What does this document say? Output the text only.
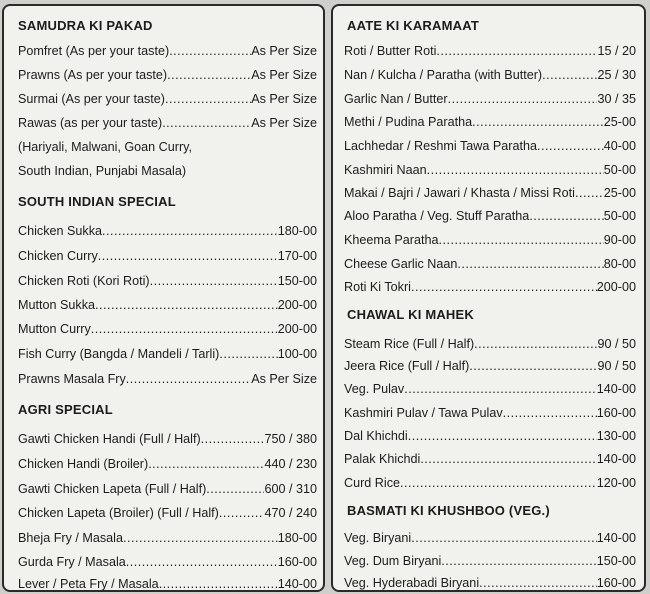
SAMUDRA KI PAKAD
Pomfret (As per your taste) .....	As Per Size
Prawns (As per your taste) .....	As Per Size
Surmai (As per your taste) .....	As Per Size
Rawas (as per your taste) .....	As Per Size
(Hariyali, Malwani, Goan Curry,
South Indian, Punjabi Masala)
SOUTH INDIAN SPECIAL
Chicken Sukka .....	180-00
Chicken Curry .....	170-00
Chicken Roti (Kori Roti) .....	150-00
Mutton Sukka .....	200-00
Mutton Curry .....	200-00
Fish Curry (Bangda / Mandeli / Tarli) .....	100-00
Prawns Masala Fry .....	As Per Size
AGRI SPECIAL
Gawti Chicken Handi (Full / Half) .....	750 / 380
Chicken Handi (Broiler) .....	440 / 230
Gawti Chicken Lapeta (Full / Half) .....	600 / 310
Chicken Lapeta (Broiler) (Full / Half) .....	470 / 240
Bheja Fry / Masala .....	180-00
Gurda Fry / Masala .....	160-00
Lever / Peta Fry / Masala .....	140-00
AATE KI KARAMAAT
Roti / Butter Roti .....	15 / 20
Nan / Kulcha / Paratha (with Butter) .....	25 / 30
Garlic Nan / Butter .....	30 / 35
Methi / Pudina Paratha .....	25-00
Lachhedar / Reshmi Tawa Paratha .....	40-00
Kashmiri Naan .....	50-00
Makai / Bajri / Jawari / Khasta / Missi Roti ..... 25-00
Aloo Paratha / Veg. Stuff Paratha .....	50-00
Kheema Paratha .....	90-00
Cheese Garlic Naan .....	80-00
Roti Ki Tokri .....	200-00
CHAWAL KI MAHEK
Steam Rice (Full / Half) .....	90 / 50
Jeera Rice (Full / Half) .....	90 / 50
Veg. Pulav .....	140-00
Kashmiri Pulav / Tawa Pulav .....	160-00
Dal Khichdi .....	130-00
Palak Khichdi .....	140-00
Curd Rice .....	120-00
BASMATI KI KHUSHBOO (VEG.)
Veg. Biryani .....	140-00
Veg. Dum Biryani .....	150-00
Veg. Hyderabadi Biryani .....	160-00
